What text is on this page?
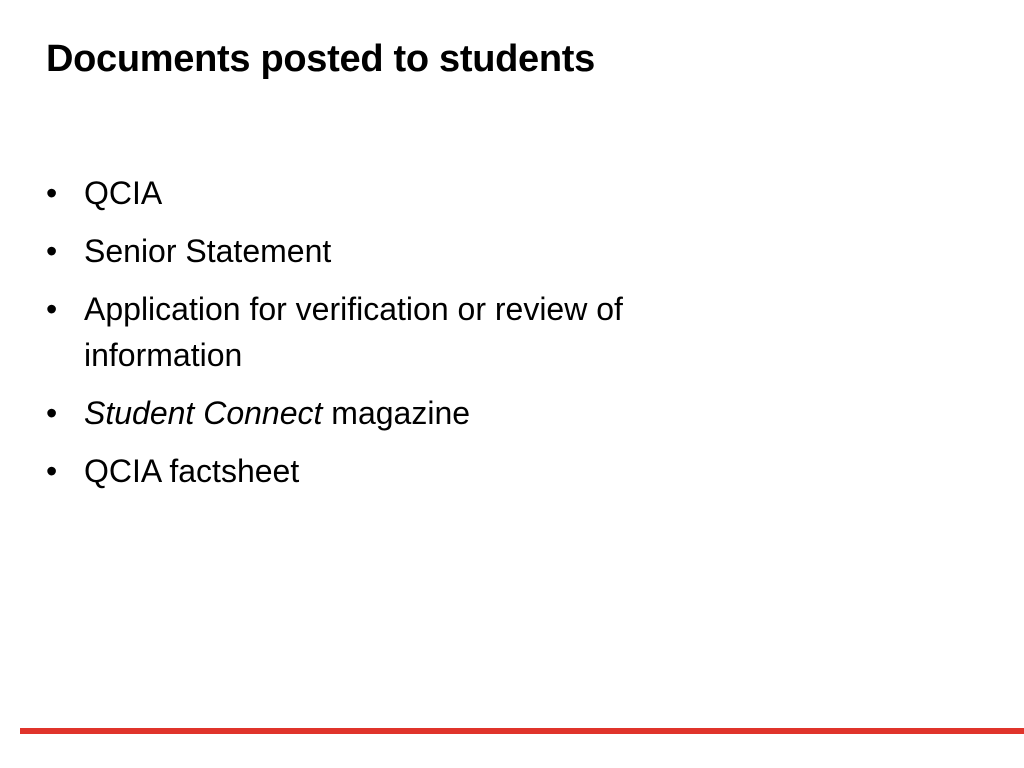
Documents posted to students
• QCIA
• Senior Statement
• Application for verification or review of information
• Student Connect magazine
• QCIA factsheet
